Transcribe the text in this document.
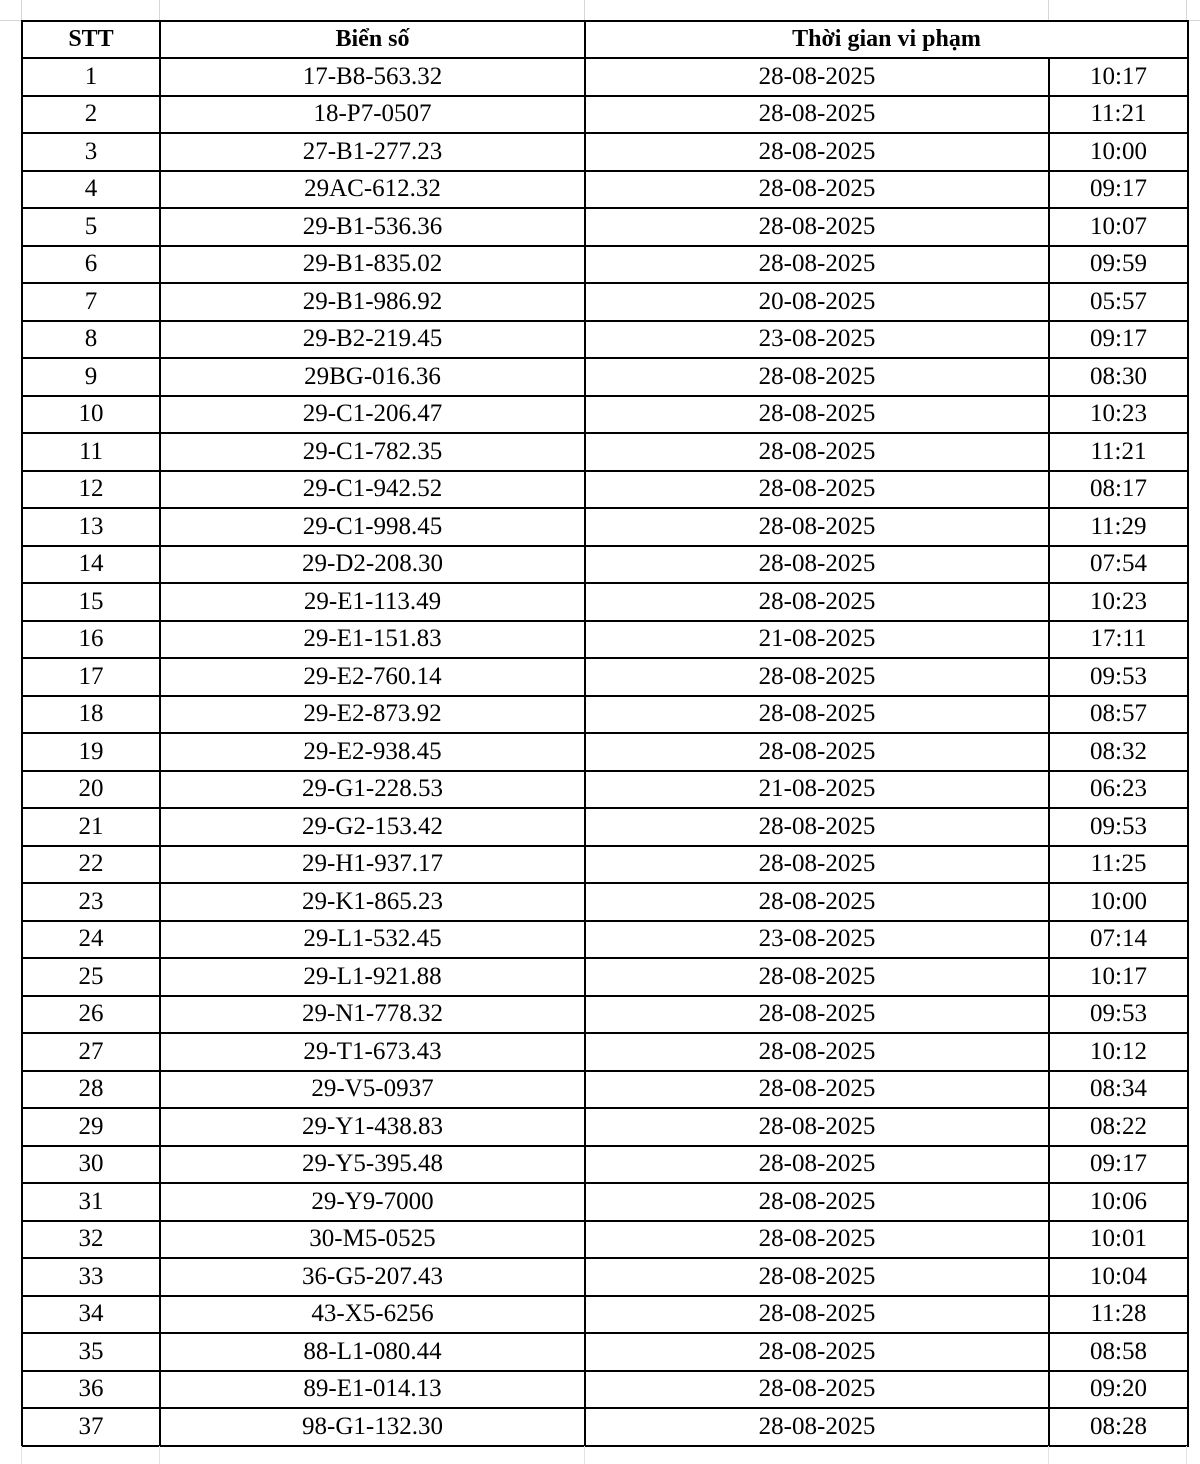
STT	Biển số	Thời gian vi phạm	
1	17-B8-563.32	28-08-2025	10:17
2	18-P7-0507	28-08-2025	11:21
3	27-B1-277.23	28-08-2025	10:00
4	29AC-612.32	28-08-2025	09:17
5	29-B1-536.36	28-08-2025	10:07
6	29-B1-835.02	28-08-2025	09:59
7	29-B1-986.92	20-08-2025	05:57
8	29-B2-219.45	23-08-2025	09:17
9	29BG-016.36	28-08-2025	08:30
10	29-C1-206.47	28-08-2025	10:23
11	29-C1-782.35	28-08-2025	11:21
12	29-C1-942.52	28-08-2025	08:17
13	29-C1-998.45	28-08-2025	11:29
14	29-D2-208.30	28-08-2025	07:54
15	29-E1-113.49	28-08-2025	10:23
16	29-E1-151.83	21-08-2025	17:11
17	29-E2-760.14	28-08-2025	09:53
18	29-E2-873.92	28-08-2025	08:57
19	29-E2-938.45	28-08-2025	08:32
20	29-G1-228.53	21-08-2025	06:23
21	29-G2-153.42	28-08-2025	09:53
22	29-H1-937.17	28-08-2025	11:25
23	29-K1-865.23	28-08-2025	10:00
24	29-L1-532.45	23-08-2025	07:14
25	29-L1-921.88	28-08-2025	10:17
26	29-N1-778.32	28-08-2025	09:53
27	29-T1-673.43	28-08-2025	10:12
28	29-V5-0937	28-08-2025	08:34
29	29-Y1-438.83	28-08-2025	08:22
30	29-Y5-395.48	28-08-2025	09:17
31	29-Y9-7000	28-08-2025	10:06
32	30-M5-0525	28-08-2025	10:01
33	36-G5-207.43	28-08-2025	10:04
34	43-X5-6256	28-08-2025	11:28
35	88-L1-080.44	28-08-2025	08:58
36	89-E1-014.13	28-08-2025	09:20
37	98-G1-132.30	28-08-2025	08:28
